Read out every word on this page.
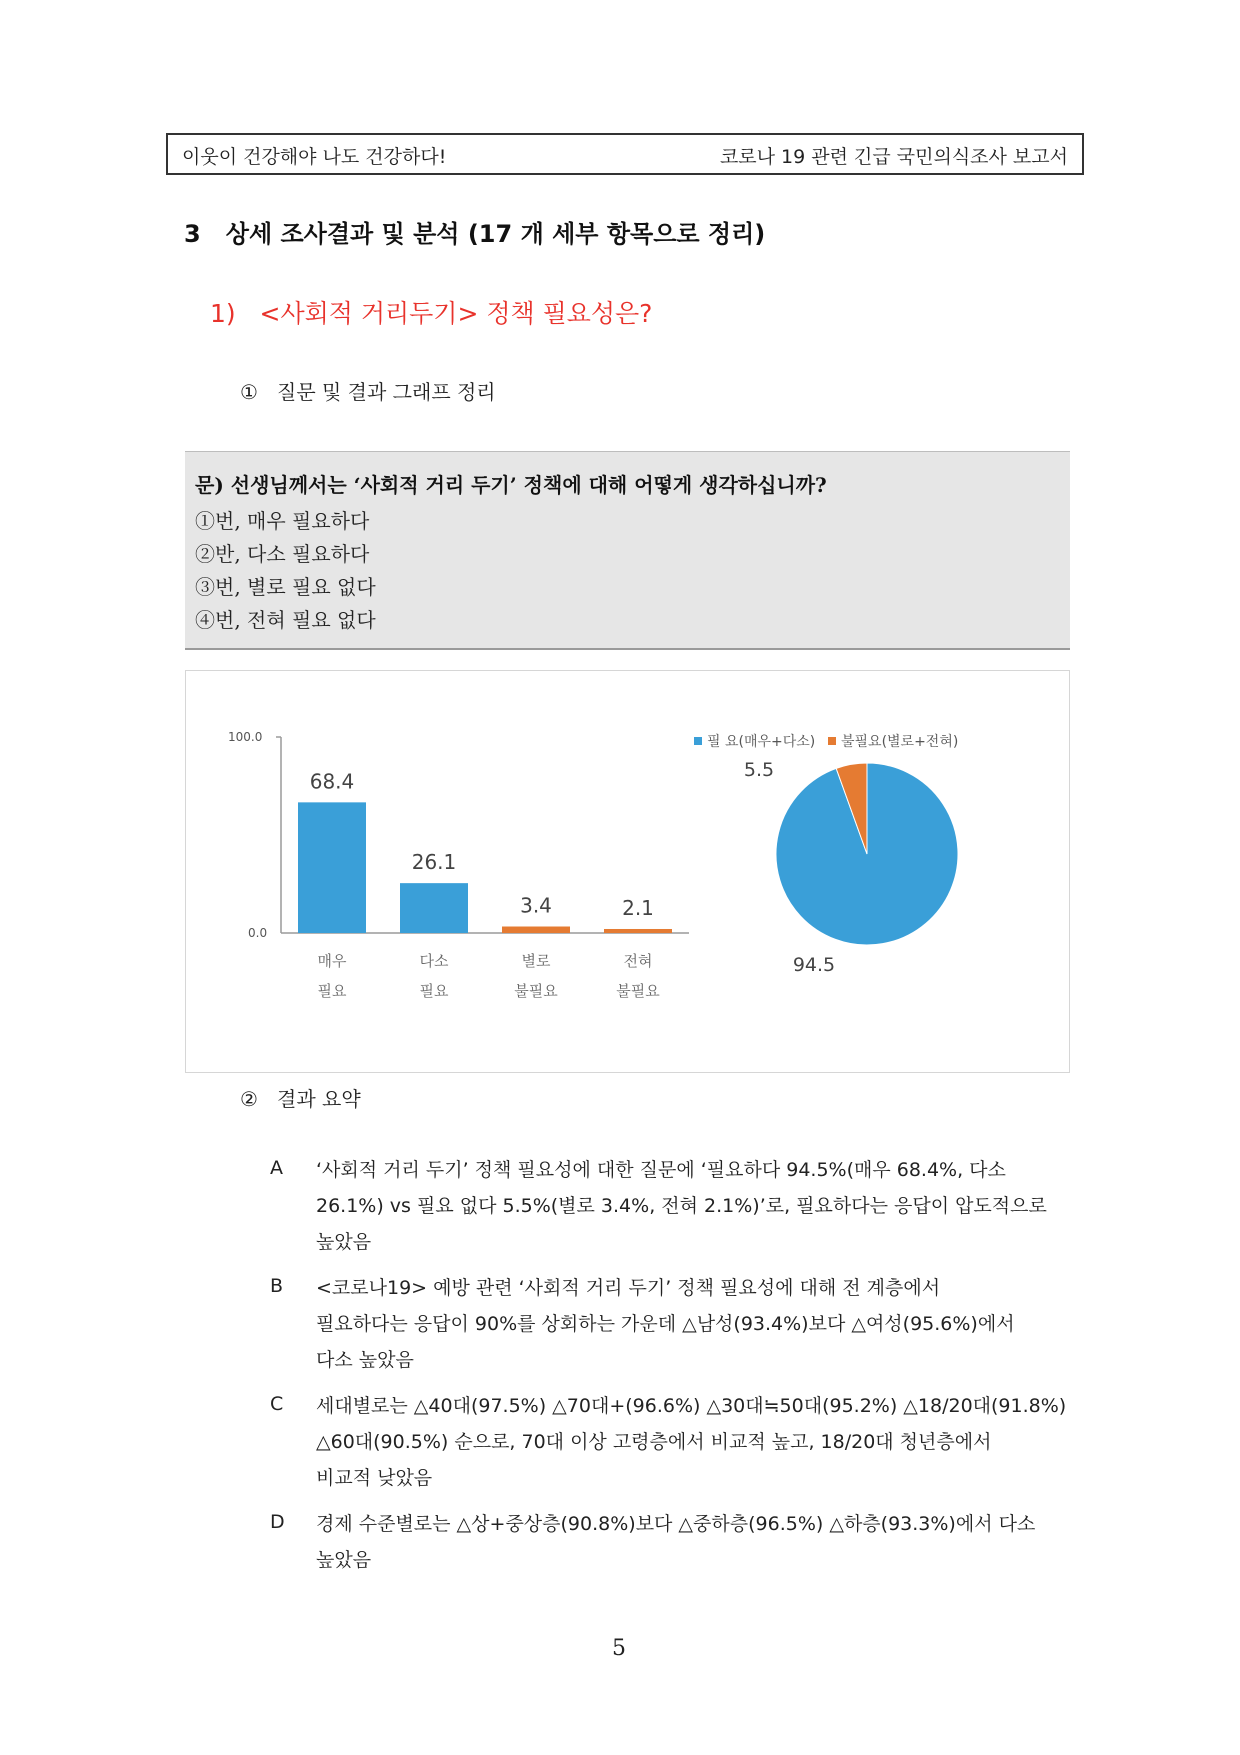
이웃이 건강해야 나도 건강하다!	코로나 19 관련 긴급 국민의식조사 보고서
3   상세 조사결과 및 분석 (17 개 세부 항목으로 정리)
1)   <사회적 거리두기> 정책 필요성은?
①   질문 및 결과 그래프 정리
문) 선생님께서는 ‘사회적 거리 두기’ 정책에 대해 어떻게 생각하십니까?
①번, 매우 필요하다
②반, 다소 필요하다
③번, 별로 필요 없다
④번, 전혀 필요 없다
100.0
0.0
68.4
매우
필요
26.1
다소
필요
3.4
별로
불필요
2.1
전혀
불필요
94.5
5.5
필 요(매우+다소) 불필요(별로+전혀)
②   결과 요약
A ‘사회적 거리 두기’ 정책 필요성에 대한 질문에 ‘필요하다 94.5%(매우 68.4%, 다소
26.1%) vs 필요 없다 5.5%(별로 3.4%, 전혀 2.1%)’로, 필요하다는 응답이 압도적으로
높았음
B <코로나19> 예방 관련 ‘사회적 거리 두기’ 정책 필요성에 대해 전 계층에서
필요하다는 응답이 90%를 상회하는 가운데 △남성(93.4%)보다 △여성(95.6%)에서
다소 높았음
C 세대별로는 △40대(97.5%) △70대+(96.6%) △30대≒50대(95.2%) △18/20대(91.8%)
△60대(90.5%) 순으로, 70대 이상 고령층에서 비교적 높고, 18/20대 청년층에서
비교적 낮았음
D 경제 수준별로는 △상+중상층(90.8%)보다 △중하층(96.5%) △하층(93.3%)에서 다소
높았음
5
